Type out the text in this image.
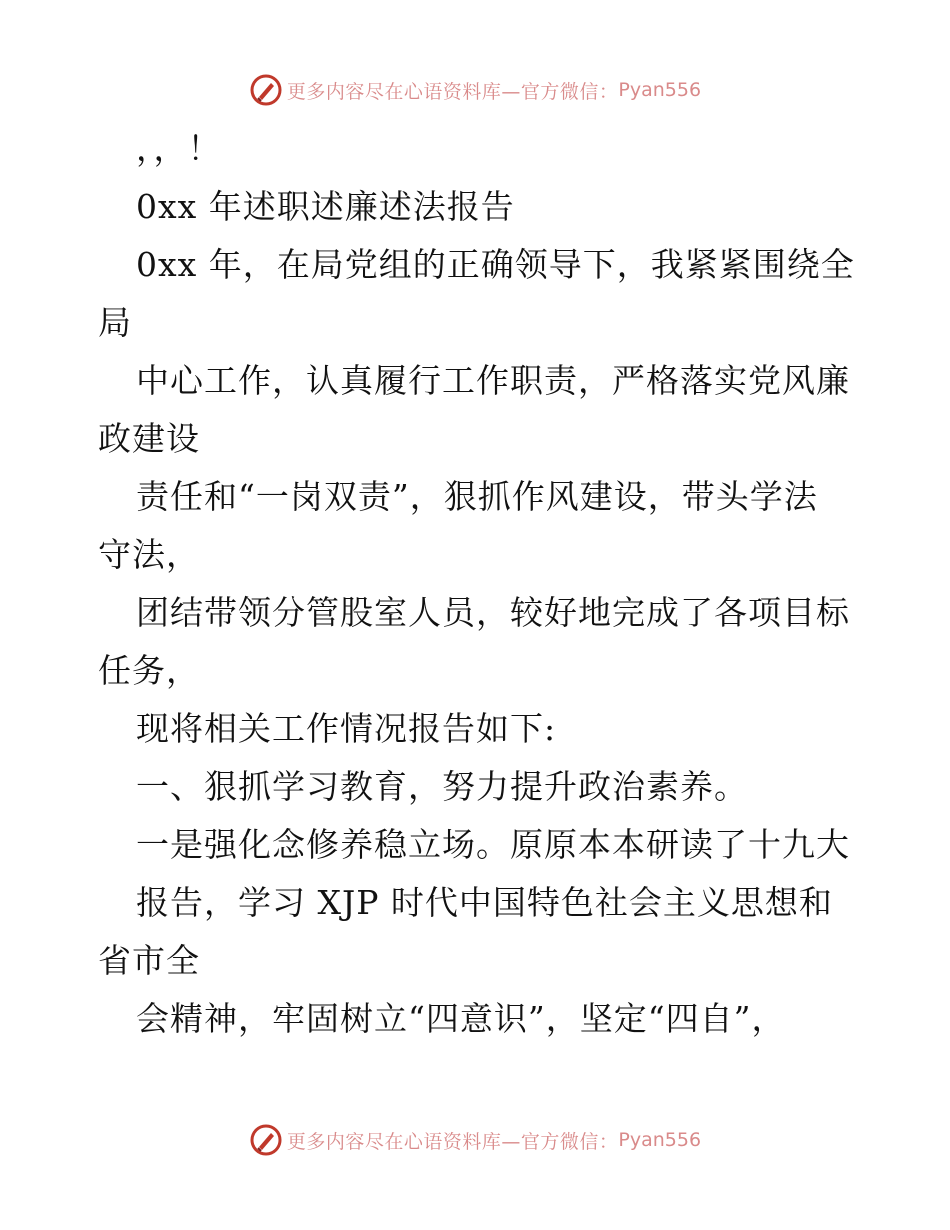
更多内容尽在心语资料库—官方微信： Pyan556
，，！
0xx 年述职述廉述法报告
0xx 年，在局党组的正确领导下，我紧紧围绕全
局
中心工作，认真履行工作职责，严格落实党风廉
政建设
责任和“一岗双责”，狠抓作风建设，带头学法
守法，
团结带领分管股室人员，较好地完成了各项目标
任务，
现将相关工作情况报告如下:
一、狠抓学习教育，努力提升政治素养。
一是强化念修养稳立场。原原本本研读了十九大
报告，学习 XJP 时代中国特色社会主义思想和
省市全
会精神，牢固树立“四意识”，坚定“四自”，
更多内容尽在心语资料库—官方微信： Pyan556
